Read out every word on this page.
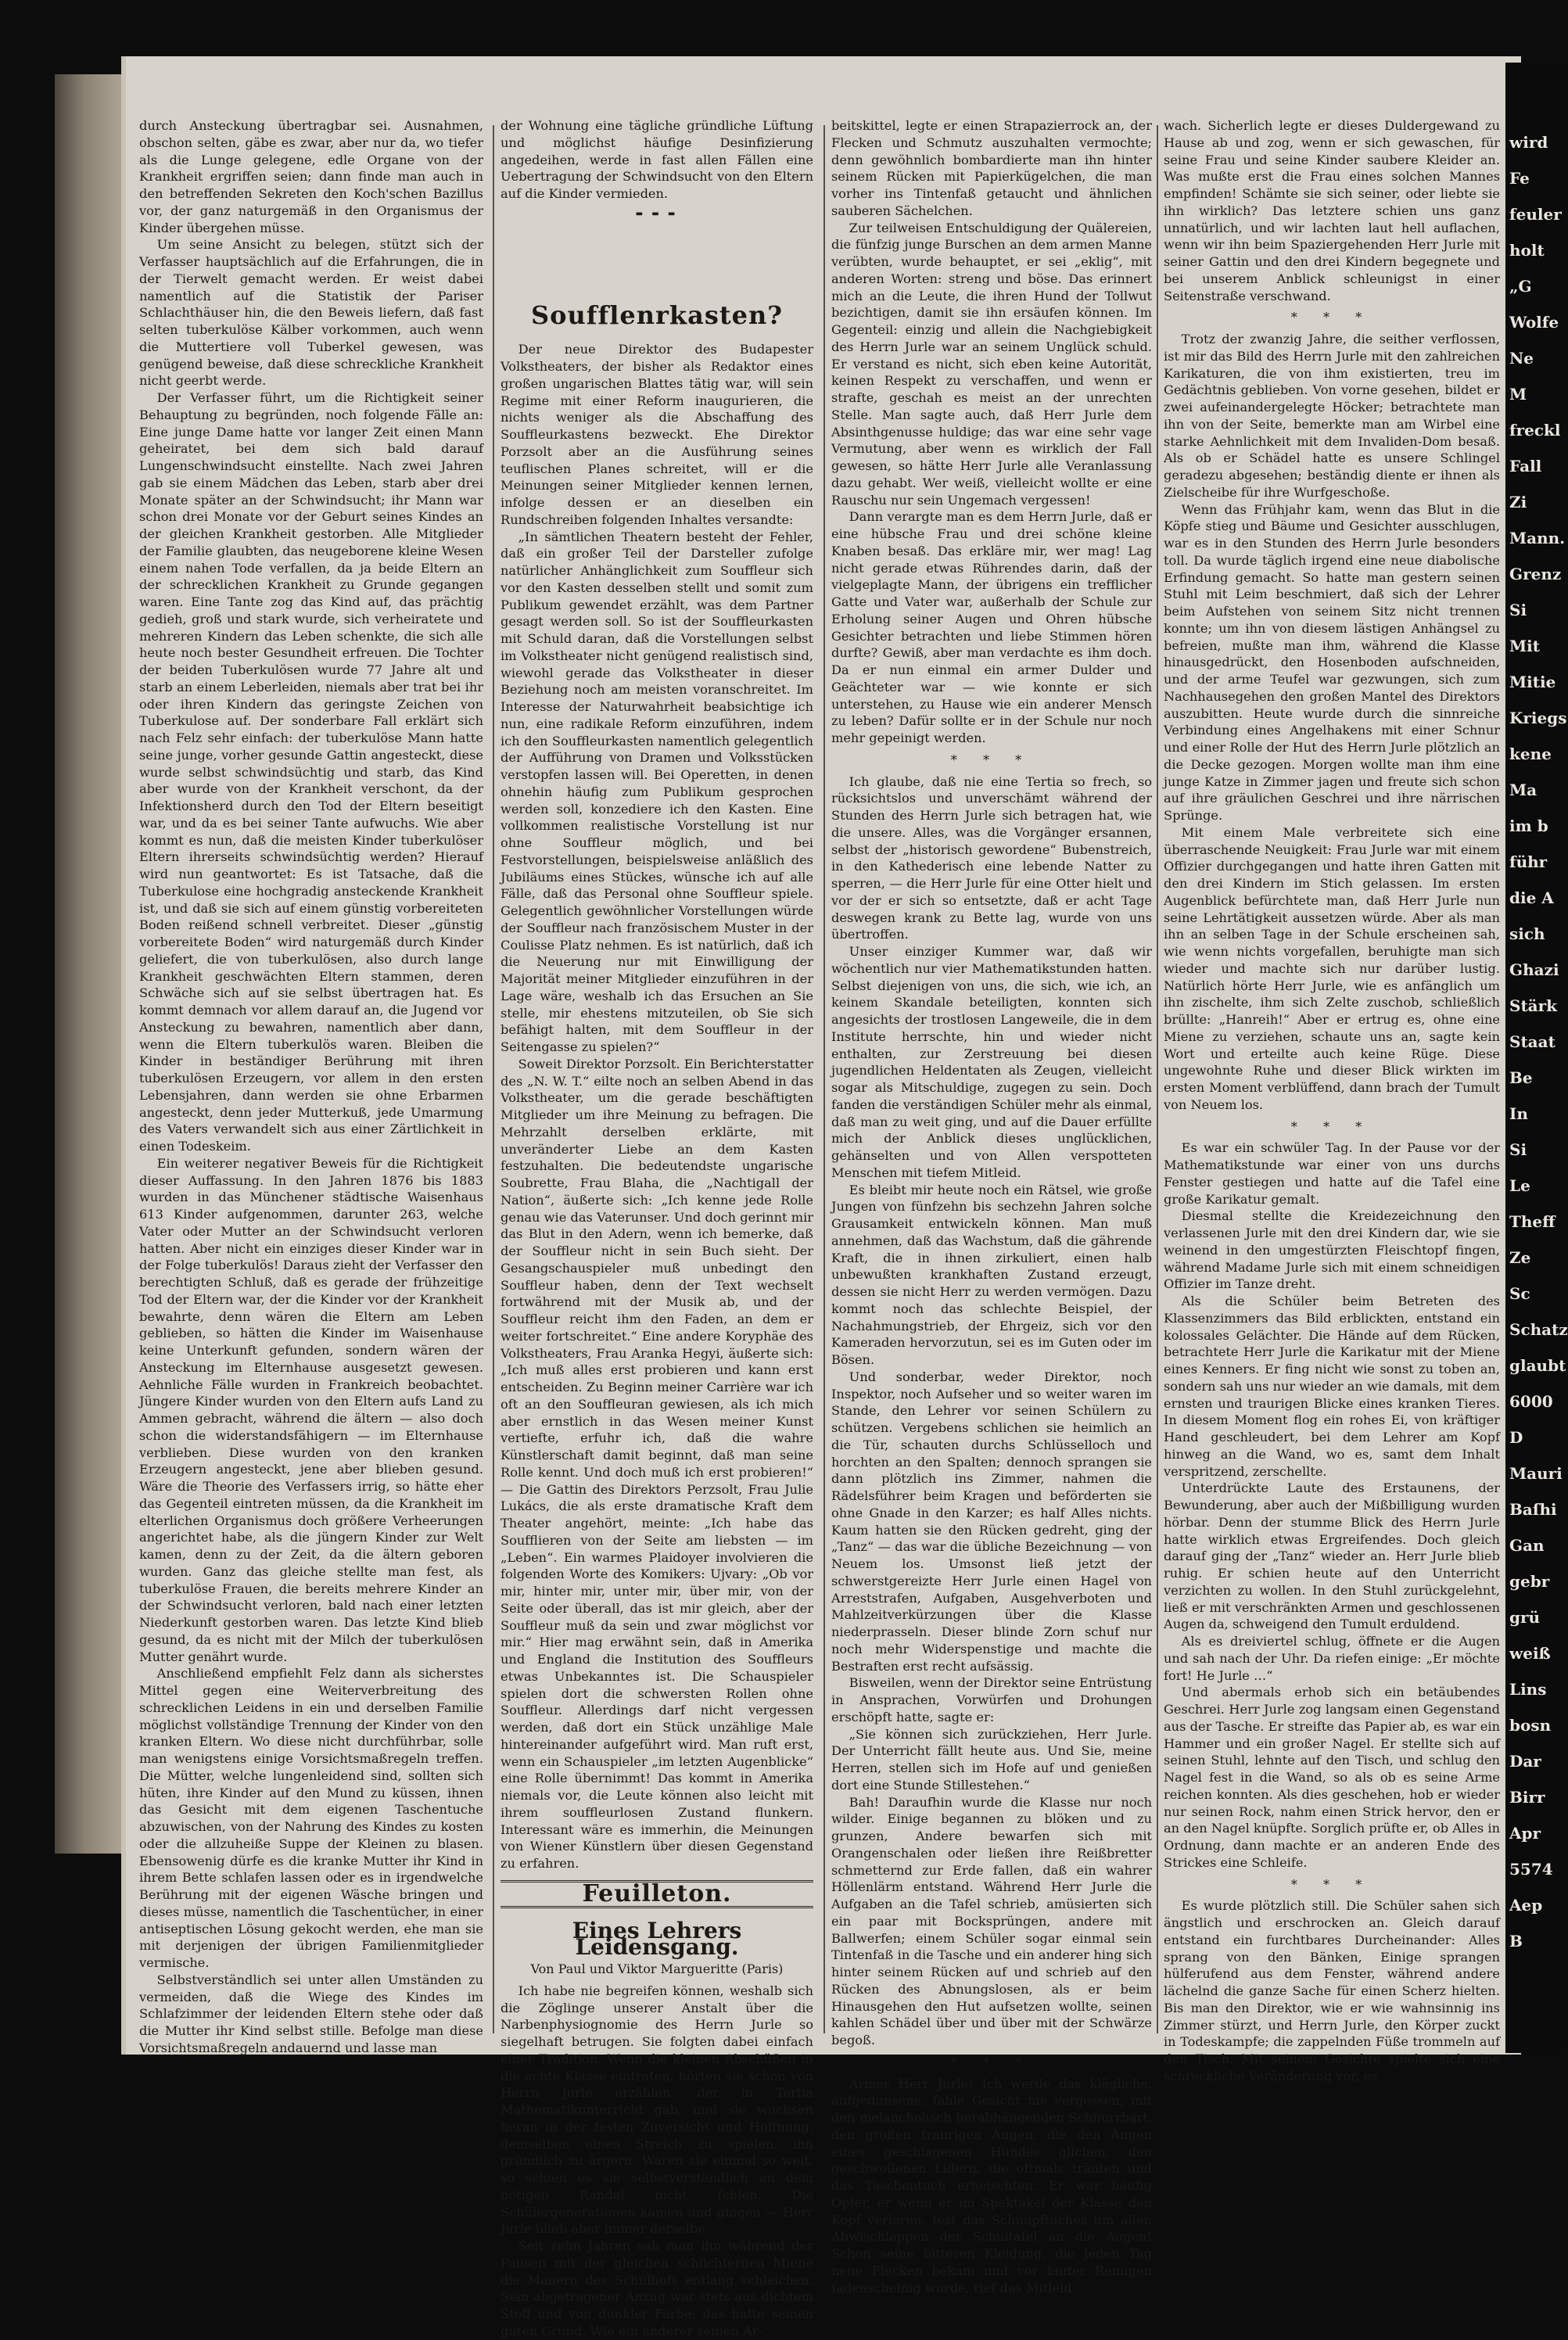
durch Ansteckung übertragbar sei. Ausnahmen, obschon selten, gäbe es zwar, aber nur da, wo tiefer als die Lunge gelegene, edle Organe von der Krankheit ergriffen seien; dann finde man auch in den betreffenden Sekreten den Koch'schen Bazillus vor, der ganz naturgemäß in den Organismus der Kinder übergehen müsse.

Um seine Ansicht zu belegen, stützt sich der Verfasser hauptsächlich auf die Erfahrungen, die in der Tierwelt gemacht werden. Er weist dabei namentlich auf die Statistik der Pariser Schlachthäuser hin, die den Beweis liefern, daß fast selten tuberkulöse Kälber vorkommen, auch wenn die Muttertiere voll Tuberkel gewesen, was genügend beweise, daß diese schreckliche Krankheit nicht geerbt werde.

Der Verfasser führt, um die Richtigkeit seiner Behauptung zu begründen, noch folgende Fälle an: Eine junge Dame hatte vor langer Zeit einen Mann geheiratet, bei dem sich bald darauf Lungenschwindsucht einstellte. Nach zwei Jahren gab sie einem Mädchen das Leben, starb aber drei Monate später an der Schwindsucht; ihr Mann war schon drei Monate vor der Geburt seines Kindes an der gleichen Krankheit gestorben. Alle Mitglieder der Familie glaubten, das neugeborene kleine Wesen einem nahen Tode verfallen, da ja beide Eltern an der schrecklichen Krankheit zu Grunde gegangen waren. Eine Tante zog das Kind auf, das prächtig gedieh, groß und stark wurde, sich verheiratete und mehreren Kindern das Leben schenkte, die sich alle heute noch bester Gesundheit erfreuen. Die Tochter der beiden Tuberkulösen wurde 77 Jahre alt und starb an einem Leberleiden, niemals aber trat bei ihr oder ihren Kindern das geringste Zeichen von Tuberkulose auf. Der sonderbare Fall erklärt sich nach Felz sehr einfach: der tuberkulöse Mann hatte seine junge, vorher gesunde Gattin angesteckt, diese wurde selbst schwindsüchtig und starb, das Kind aber wurde von der Krankheit verschont, da der Infektionsherd durch den Tod der Eltern beseitigt war, und da es bei seiner Tante aufwuchs. Wie aber kommt es nun, daß die meisten Kinder tuberkulöser Eltern ihrerseits schwindsüchtig werden? Hierauf wird nun geantwortet: Es ist Tatsache, daß die Tuberkulose eine hochgradig ansteckende Krankheit ist, und daß sie sich auf einem günstig vorbereiteten Boden reißend schnell verbreitet. Dieser „günstig vorbereitete Boden“ wird naturgemäß durch Kinder geliefert, die von tuberkulösen, also durch lange Krankheit geschwächten Eltern stammen, deren Schwäche sich auf sie selbst übertragen hat. Es kommt demnach vor allem darauf an, die Jugend vor Ansteckung zu bewahren, namentlich aber dann, wenn die Eltern tuberkulös waren. Bleiben die Kinder in beständiger Berührung mit ihren tuberkulösen Erzeugern, vor allem in den ersten Lebensjahren, dann werden sie ohne Erbarmen angesteckt, denn jeder Mutterkuß, jede Umarmung des Vaters verwandelt sich aus einer Zärtlichkeit in einen Todeskeim.

Ein weiterer negativer Beweis für die Richtigkeit dieser Auffassung. In den Jahren 1876 bis 1883 wurden in das Münchener städtische Waisenhaus 613 Kinder aufgenommen, darunter 263, welche Vater oder Mutter an der Schwindsucht verloren hatten. Aber nicht ein einziges dieser Kinder war in der Folge tuberkulös! Daraus zieht der Verfasser den berechtigten Schluß, daß es gerade der frühzeitige Tod der Eltern war, der die Kinder vor der Krankheit bewahrte, denn wären die Eltern am Leben geblieben, so hätten die Kinder im Waisenhause keine Unterkunft gefunden, sondern wären der Ansteckung im Elternhause ausgesetzt gewesen. Aehnliche Fälle wurden in Frankreich beobachtet. Jüngere Kinder wurden von den Eltern aufs Land zu Ammen gebracht, während die ältern — also doch schon die widerstandsfähigern — im Elternhause verblieben. Diese wurden von den kranken Erzeugern angesteckt, jene aber blieben gesund. Wäre die Theorie des Verfassers irrig, so hätte eher das Gegenteil eintreten müssen, da die Krankheit im elterlichen Organismus doch größere Verheerungen angerichtet habe, als die jüngern Kinder zur Welt kamen, denn zu der Zeit, da die ältern geboren wurden. Ganz das gleiche stellte man fest, als tuberkulöse Frauen, die bereits mehrere Kinder an der Schwindsucht verloren, bald nach einer letzten Niederkunft gestorben waren. Das letzte Kind blieb gesund, da es nicht mit der Milch der tuberkulösen Mutter genährt wurde.

Anschließend empfiehlt Felz dann als sicherstes Mittel gegen eine Weiterverbreitung des schrecklichen Leidens in ein und derselben Familie möglichst vollständige Trennung der Kinder von den kranken Eltern. Wo diese nicht durchführbar, solle man wenigstens einige Vorsichtsmaßregeln treffen. Die Mütter, welche lungenleidend sind, sollten sich hüten, ihre Kinder auf den Mund zu küssen, ihnen das Gesicht mit dem eigenen Taschentuche abzuwischen, von der Nahrung des Kindes zu kosten oder die allzuheiße Suppe der Kleinen zu blasen. Ebensowenig dürfe es die kranke Mutter ihr Kind in ihrem Bette schlafen lassen oder es in irgendwelche Berührung mit der eigenen Wäsche bringen und dieses müsse, namentlich die Taschentücher, in einer antiseptischen Lösung gekocht werden, ehe man sie mit derjenigen der übrigen Familienmitglieder vermische.

Selbstverständlich sei unter allen Umständen zu vermeiden, daß die Wiege des Kindes im Schlafzimmer der leidenden Eltern stehe oder daß die Mutter ihr Kind selbst stille. Befolge man diese Vorsichtsmaßregeln andauernd und lasse man

der Wohnung eine tägliche gründliche Lüftung und möglichst häufige Desinfizierung angedeihen, werde in fast allen Fällen eine Uebertragung der Schwindsucht von den Eltern auf die Kinder vermieden.

▬ ▬ ▬
Soufflenrkasten?

Der neue Direktor des Budapester Volkstheaters, der bisher als Redaktor eines großen ungarischen Blattes tätig war, will sein Regime mit einer Reform inaugurieren, die nichts weniger als die Abschaffung des Souffleurkastens bezweckt. Ehe Direktor Porzsolt aber an die Ausführung seines teuflischen Planes schreitet, will er die Meinungen seiner Mitglieder kennen lernen, infolge dessen er an dieselben ein Rundschreiben folgenden Inhaltes versandte:

„In sämtlichen Theatern besteht der Fehler, daß ein großer Teil der Darsteller zufolge natürlicher Anhänglichkeit zum Souffleur sich vor den Kasten desselben stellt und somit zum Publikum gewendet erzählt, was dem Partner gesagt werden soll. So ist der Souffleurkasten mit Schuld daran, daß die Vorstellungen selbst im Volkstheater nicht genügend realistisch sind, wiewohl gerade das Volkstheater in dieser Beziehung noch am meisten voranschreitet. Im Interesse der Naturwahrheit beabsichtige ich nun, eine radikale Reform einzuführen, indem ich den Souffleurkasten namentlich gelegentlich der Aufführung von Dramen und Volksstücken verstopfen lassen will. Bei Operetten, in denen ohnehin häufig zum Publikum gesprochen werden soll, konzediere ich den Kasten. Eine vollkommen realistische Vorstellung ist nur ohne Souffleur möglich, und bei Festvorstellungen, beispielsweise anläßlich des Jubiläums eines Stückes, wünsche ich auf alle Fälle, daß das Personal ohne Souffleur spiele. Gelegentlich gewöhnlicher Vorstellungen würde der Souffleur nach französischem Muster in der Coulisse Platz nehmen. Es ist natürlich, daß ich die Neuerung nur mit Einwilligung der Majorität meiner Mitglieder einzuführen in der Lage wäre, weshalb ich das Ersuchen an Sie stelle, mir ehestens mitzuteilen, ob Sie sich befähigt halten, mit dem Souffleur in der Seitengasse zu spielen?“

Soweit Direktor Porzsolt. Ein Berichterstatter des „N. W. T.“ eilte noch an selben Abend in das Volkstheater, um die gerade beschäftigten Mitglieder um ihre Meinung zu befragen. Die Mehrzahlt derselben erklärte, mit unveränderter Liebe an dem Kasten festzuhalten. Die bedeutendste ungarische Soubrette, Frau Blaha, die „Nachtigall der Nation“, äußerte sich: „Ich kenne jede Rolle genau wie das Vaterunser. Und doch gerinnt mir das Blut in den Adern, wenn ich bemerke, daß der Souffleur nicht in sein Buch sieht. Der Gesangschauspieler muß unbedingt den Souffleur haben, denn der Text wechselt fortwährend mit der Musik ab, und der Souffleur reicht ihm den Faden, an dem er weiter fortschreitet.“ Eine andere Koryphäe des Volkstheaters, Frau Aranka Hegyi, äußerte sich: „Ich muß alles erst probieren und kann erst entscheiden. Zu Beginn meiner Carrière war ich oft an den Souffleuran gewiesen, als ich mich aber ernstlich in das Wesen meiner Kunst vertiefte, erfuhr ich, daß die wahre Künstlerschaft damit beginnt, daß man seine Rolle kennt. Und doch muß ich erst probieren!“ — Die Gattin des Direktors Perzsolt, Frau Julie Lukács, die als erste dramatische Kraft dem Theater angehört, meinte: „Ich habe das Soufflieren von der Seite am liebsten — im „Leben“. Ein warmes Plaidoyer involvieren die folgenden Worte des Komikers: Ujvary: „Ob vor mir, hinter mir, unter mir, über mir, von der Seite oder überall, das ist mir gleich, aber der Souffleur muß da sein und zwar möglichst vor mir.“ Hier mag erwähnt sein, daß in Amerika und England die Institution des Souffleurs etwas Unbekanntes ist. Die Schauspieler spielen dort die schwersten Rollen ohne Souffleur. Allerdings darf nicht vergessen werden, daß dort ein Stück unzählige Male hintereinander aufgeführt wird. Man ruft erst, wenn ein Schauspieler „im letzten Augenblicke“ eine Rolle übernimmt! Das kommt in Amerika niemals vor, die Leute können also leicht mit ihrem souffleurlosen Zustand flunkern. Interessant wäre es immerhin, die Meinungen von Wiener Künstlern über diesen Gegenstand zu erfahren.

Feuilleton.
Eines Lehrers Leidensgang.
Von Paul und Viktor Margueritte (Paris)

Ich habe nie begreifen können, weshalb sich die Zöglinge unserer Anstalt über die Narbenphysiognomie des Herrn Jurle so siegelhaft betrugen. Sie folgten dabei einfach einer Tradition. Wenn die kleinen Abschüßen in die achte Klasse eintraten, hörten sie schon von Herrn Jurle erzählen, der in Tertia Mathematikunterricht gab, und sie wuchsen heran in der festen Zuversicht und Hoffnung, demselben einen Streich zu spielen, ihn gründlich zu ärgern. Waren sie einmal so weit, so schien es sie selbstverständlich an dem nötigen Randal nicht fehlen. Die Schülergenerationen kamen und gingen — Herr Jurle blieb aber immer derselbe.

Seit zehn Jahren sah man ihn während der Pausen mit der gleichen schlichternen Miene die Mauern des Schulhofs entlang schleichen. Sein abgetragener Anzug war stets aus dichtem Stoff und von dunkler Farbe; das hatte seinen guten Grund. Wie ein anderer seinen Ar-

beitskittel, legte er einen Strapazierrock an, der Flecken und Schmutz auszuhalten vermochte; denn gewöhnlich bombardierte man ihn hinter seinem Rücken mit Papierkügelchen, die man vorher ins Tintenfaß getaucht und ähnlichen sauberen Sächelchen.

Zur teilweisen Entschuldigung der Quälereien, die fünfzig junge Burschen an dem armen Manne verübten, wurde behauptet, er sei „eklig“, mit anderen Worten: streng und böse. Das erinnert mich an die Leute, die ihren Hund der Tollwut bezichtigen, damit sie ihn ersäufen können. Im Gegenteil: einzig und allein die Nachgiebigkeit des Herrn Jurle war an seinem Unglück schuld. Er verstand es nicht, sich eben keine Autorität, keinen Respekt zu verschaffen, und wenn er strafte, geschah es meist an der unrechten Stelle. Man sagte auch, daß Herr Jurle dem Absinthgenusse huldige; das war eine sehr vage Vermutung, aber wenn es wirklich der Fall gewesen, so hätte Herr Jurle alle Veranlassung dazu gehabt. Wer weiß, vielleicht wollte er eine Rauschu nur sein Ungemach vergessen!

Dann verargte man es dem Herrn Jurle, daß er eine hübsche Frau und drei schöne kleine Knaben besaß. Das erkläre mir, wer mag! Lag nicht gerade etwas Rührendes darin, daß der vielgeplagte Mann, der übrigens ein trefflicher Gatte und Vater war, außerhalb der Schule zur Erholung seiner Augen und Ohren hübsche Gesichter betrachten und liebe Stimmen hören durfte? Gewiß, aber man verdachte es ihm doch. Da er nun einmal ein armer Dulder und Geächteter war — wie konnte er sich unterstehen, zu Hause wie ein anderer Mensch zu leben? Dafür sollte er in der Schule nur noch mehr gepeinigt werden.

* * *

Ich glaube, daß nie eine Tertia so frech, so rücksichtslos und unverschämt während der Stunden des Herrn Jurle sich betragen hat, wie die unsere. Alles, was die Vorgänger ersannen, selbst der „historisch gewordene“ Bubenstreich, in den Kathederisch eine lebende Natter zu sperren, — die Herr Jurle für eine Otter hielt und vor der er sich so entsetzte, daß er acht Tage deswegen krank zu Bette lag, wurde von uns übertroffen.

Unser einziger Kummer war, daß wir wöchentlich nur vier Mathematikstunden hatten. Selbst diejenigen von uns, die sich, wie ich, an keinem Skandale beteiligten, konnten sich angesichts der trostlosen Langeweile, die in dem Institute herrschte, hin und wieder nicht enthalten, zur Zerstreuung bei diesen jugendlichen Heldentaten als Zeugen, vielleicht sogar als Mitschuldige, zugegen zu sein. Doch fanden die verständigen Schüler mehr als einmal, daß man zu weit ging, und auf die Dauer erfüllte mich der Anblick dieses unglücklichen, gehänselten und von Allen verspotteten Menschen mit tiefem Mitleid.

Es bleibt mir heute noch ein Rätsel, wie große Jungen von fünfzehn bis sechzehn Jahren solche Grausamkeit entwickeln können. Man muß annehmen, daß das Wachstum, daß die gährende Kraft, die in ihnen zirkuliert, einen halb unbewußten krankhaften Zustand erzeugt, dessen sie nicht Herr zu werden vermögen. Dazu kommt noch das schlechte Beispiel, der Nachahmungstrieb, der Ehrgeiz, sich vor den Kameraden hervorzutun, sei es im Guten oder im Bösen.

Und sonderbar, weder Direktor, noch Inspektor, noch Aufseher und so weiter waren im Stande, den Lehrer vor seinen Schülern zu schützen. Vergebens schlichen sie heimlich an die Tür, schauten durchs Schlüsselloch und horchten an den Spalten; dennoch sprangen sie dann plötzlich ins Zimmer, nahmen die Rädelsführer beim Kragen und beförderten sie ohne Gnade in den Karzer; es half Alles nichts. Kaum hatten sie den Rücken gedreht, ging der „Tanz“ — das war die übliche Bezeichnung — von Neuem los. Umsonst ließ jetzt der schwerstgereizte Herr Jurle einen Hagel von Arreststrafen, Aufgaben, Ausgehverboten und Mahlzeitverkürzungen über die Klasse niederprasseln. Dieser blinde Zorn schuf nur noch mehr Widerspenstige und machte die Bestraften erst recht aufsässig.

Bisweilen, wenn der Direktor seine Entrüstung in Ansprachen, Vorwürfen und Drohungen erschöpft hatte, sagte er:

„Sie können sich zurückziehen, Herr Jurle. Der Unterricht fällt heute aus. Und Sie, meine Herren, stellen sich im Hofe auf und genießen dort eine Stunde Stillestehen.“

Bah! Daraufhin wurde die Klasse nur noch wilder. Einige begannen zu blöken und zu grunzen, Andere bewarfen sich mit Orangenschalen oder ließen ihre Reißbretter schmetternd zur Erde fallen, daß ein wahrer Höllenlärm entstand. Während Herr Jurle die Aufgaben an die Tafel schrieb, amüsierten sich ein paar mit Bocksprüngen, andere mit Ballwerfen; einem Schüler sogar einmal sein Tintenfaß in die Tasche und ein anderer hing sich hinter seinem Rücken auf und schrieb auf den Rücken des Abnungslosen, als er beim Hinausgehen den Hut aufsetzen wollte, seinen kahlen Schädel über und über mit der Schwärze begoß.

* * *

Armer Herr Jurle! Ich werde das klägliche, aufgedunsene, fahle Gesicht nie vergessen, mit den melancholisch herabhängenden Schnurrbart, den großen traurigen Augen, die den Augen eines geschlagenen Hundes glichen, den geschwollenen Lidern, die oftmals tränten und das Taschentuch erheischten. Er war häufig Opfer, er wenn er im Spektakel der Klasse den Kopf verloren, fest das Schnupftuches um allen Abwischlappen der Schultafel an die Augen! Schon seine bitteren Kleidung, die jeden Tag neue Flecken bekam und vor lauter Reinigen fadenscheinig wurde, rief das Mitleid

wach. Sicherlich legte er dieses Duldergewand zu Hause ab und zog, wenn er sich gewaschen, für seine Frau und seine Kinder saubere Kleider an. Was mußte erst die Frau eines solchen Mannes empfinden! Schämte sie sich seiner, oder liebte sie ihn wirklich? Das letztere schien uns ganz unnatürlich, und wir lachten laut hell auflachen, wenn wir ihn beim Spaziergehenden Herr Jurle mit seiner Gattin und den drei Kindern begegnete und bei unserem Anblick schleunigst in einer Seitenstraße verschwand.

* * *

Trotz der zwanzig Jahre, die seither verflossen, ist mir das Bild des Herrn Jurle mit den zahlreichen Karikaturen, die von ihm existierten, treu im Gedächtnis geblieben. Von vorne gesehen, bildet er zwei aufeinandergelegte Höcker; betrachtete man ihn von der Seite, bemerkte man am Wirbel eine starke Aehnlichkeit mit dem Invaliden-Dom besaß. Als ob er Schädel hatte es unsere Schlingel geradezu abgesehen; beständig diente er ihnen als Zielscheibe für ihre Wurfgeschoße.

Wenn das Frühjahr kam, wenn das Blut in die Köpfe stieg und Bäume und Gesichter ausschlugen, war es in den Stunden des Herrn Jurle besonders toll. Da wurde täglich irgend eine neue diabolische Erfindung gemacht. So hatte man gestern seinen Stuhl mit Leim beschmiert, daß sich der Lehrer beim Aufstehen von seinem Sitz nicht trennen konnte; um ihn von diesem lästigen Anhängsel zu befreien, mußte man ihm, während die Klasse hinausgedrückt, den Hosenboden aufschneiden, und der arme Teufel war gezwungen, sich zum Nachhausegehen den großen Mantel des Direktors auszubitten. Heute wurde durch die sinnreiche Verbindung eines Angelhakens mit einer Schnur und einer Rolle der Hut des Herrn Jurle plötzlich an die Decke gezogen. Morgen wollte man ihm eine junge Katze in Zimmer jagen und freute sich schon auf ihre gräulichen Geschrei und ihre närrischen Sprünge.

Mit einem Male verbreitete sich eine überraschende Neuigkeit: Frau Jurle war mit einem Offizier durchgegangen und hatte ihren Gatten mit den drei Kindern im Stich gelassen. Im ersten Augenblick befürchtete man, daß Herr Jurle nun seine Lehrtätigkeit aussetzen würde. Aber als man ihn an selben Tage in der Schule erscheinen sah, wie wenn nichts vorgefallen, beruhigte man sich wieder und machte sich nur darüber lustig. Natürlich hörte Herr Jurle, wie es anfänglich um ihn zischelte, ihm sich Zelte zuschob, schließlich brüllte: „Hanreih!“ Aber er ertrug es, ohne eine Miene zu verziehen, schaute uns an, sagte kein Wort und erteilte auch keine Rüge. Diese ungewohnte Ruhe und dieser Blick wirkten im ersten Moment verblüffend, dann brach der Tumult von Neuem los.

* * *

Es war ein schwüler Tag. In der Pause vor der Mathematikstunde war einer von uns durchs Fenster gestiegen und hatte auf die Tafel eine große Karikatur gemalt.

Diesmal stellte die Kreidezeichnung den verlassenen Jurle mit den drei Kindern dar, wie sie weinend in den umgestürzten Fleischtopf fingen, während Madame Jurle sich mit einem schneidigen Offizier im Tanze dreht.

Als die Schüler beim Betreten des Klassenzimmers das Bild erblickten, entstand ein kolossales Gelächter. Die Hände auf dem Rücken, betrachtete Herr Jurle die Karikatur mit der Miene eines Kenners. Er fing nicht wie sonst zu toben an, sondern sah uns nur wieder an wie damals, mit dem ernsten und traurigen Blicke eines kranken Tieres. In diesem Moment flog ein rohes Ei, von kräftiger Hand geschleudert, bei dem Lehrer am Kopf hinweg an die Wand, wo es, samt dem Inhalt verspritzend, zerschellte.

Unterdrückte Laute des Erstaunens, der Bewunderung, aber auch der Mißbilligung wurden hörbar. Denn der stumme Blick des Herrn Jurle hatte wirklich etwas Ergreifendes. Doch gleich darauf ging der „Tanz“ wieder an. Herr Jurle blieb ruhig. Er schien heute auf den Unterricht verzichten zu wollen. In den Stuhl zurückgelehnt, ließ er mit verschränkten Armen und geschlossenen Augen da, schweigend den Tumult erduldend.

Als es dreiviertel schlug, öffnete er die Augen und sah nach der Uhr. Da riefen einige: „Er möchte fort! He Jurle …“

Und abermals erhob sich ein betäubendes Geschrei. Herr Jurle zog langsam einen Gegenstand aus der Tasche. Er streifte das Papier ab, es war ein Hammer und ein großer Nagel. Er stellte sich auf seinen Stuhl, lehnte auf den Tisch, und schlug den Nagel fest in die Wand, so als ob es seine Arme reichen konnten. Als dies geschehen, hob er wieder nur seinen Rock, nahm einen Strick hervor, den er an den Nagel knüpfte. Sorglich prüfte er, ob Alles in Ordnung, dann machte er an anderen Ende des Strickes eine Schleife.

* * *

Es wurde plötzlich still. Die Schüler sahen sich ängstlich und erschrocken an. Gleich darauf entstand ein furchtbares Durcheinander: Alles sprang von den Bänken, Einige sprangen hülferufend aus dem Fenster, während andere lächelnd die ganze Sache für einen Scherz hielten. Bis man den Direktor, wie er wie wahnsinnig ins Zimmer stürzt, und Herrn Jurle, den Körper zuckt in Todeskampfe; die zappelnden Füße trommeln auf den Tisch. Mit seinem Gesichte spielte sich eine schreckliche Veränderung vor, es

wird
Fe
feuler
holt
„G
Wolfe
Ne
M
freckl
Fall
Zi
Mann.
Grenz
Si
Mit
Mitie
Kriegs
kene
Ma
im b
führ
die A
sich
Ghazi
Stärk
Staat
Be
In
Si
Le
Theff
Ze
Sc
Schatz
glaubt
6000
D
Mauri
Baſhi
Gan
gebr
grü
weiß
Lins
bosn
Dar
Birr
Apr
5574
Aep
B
